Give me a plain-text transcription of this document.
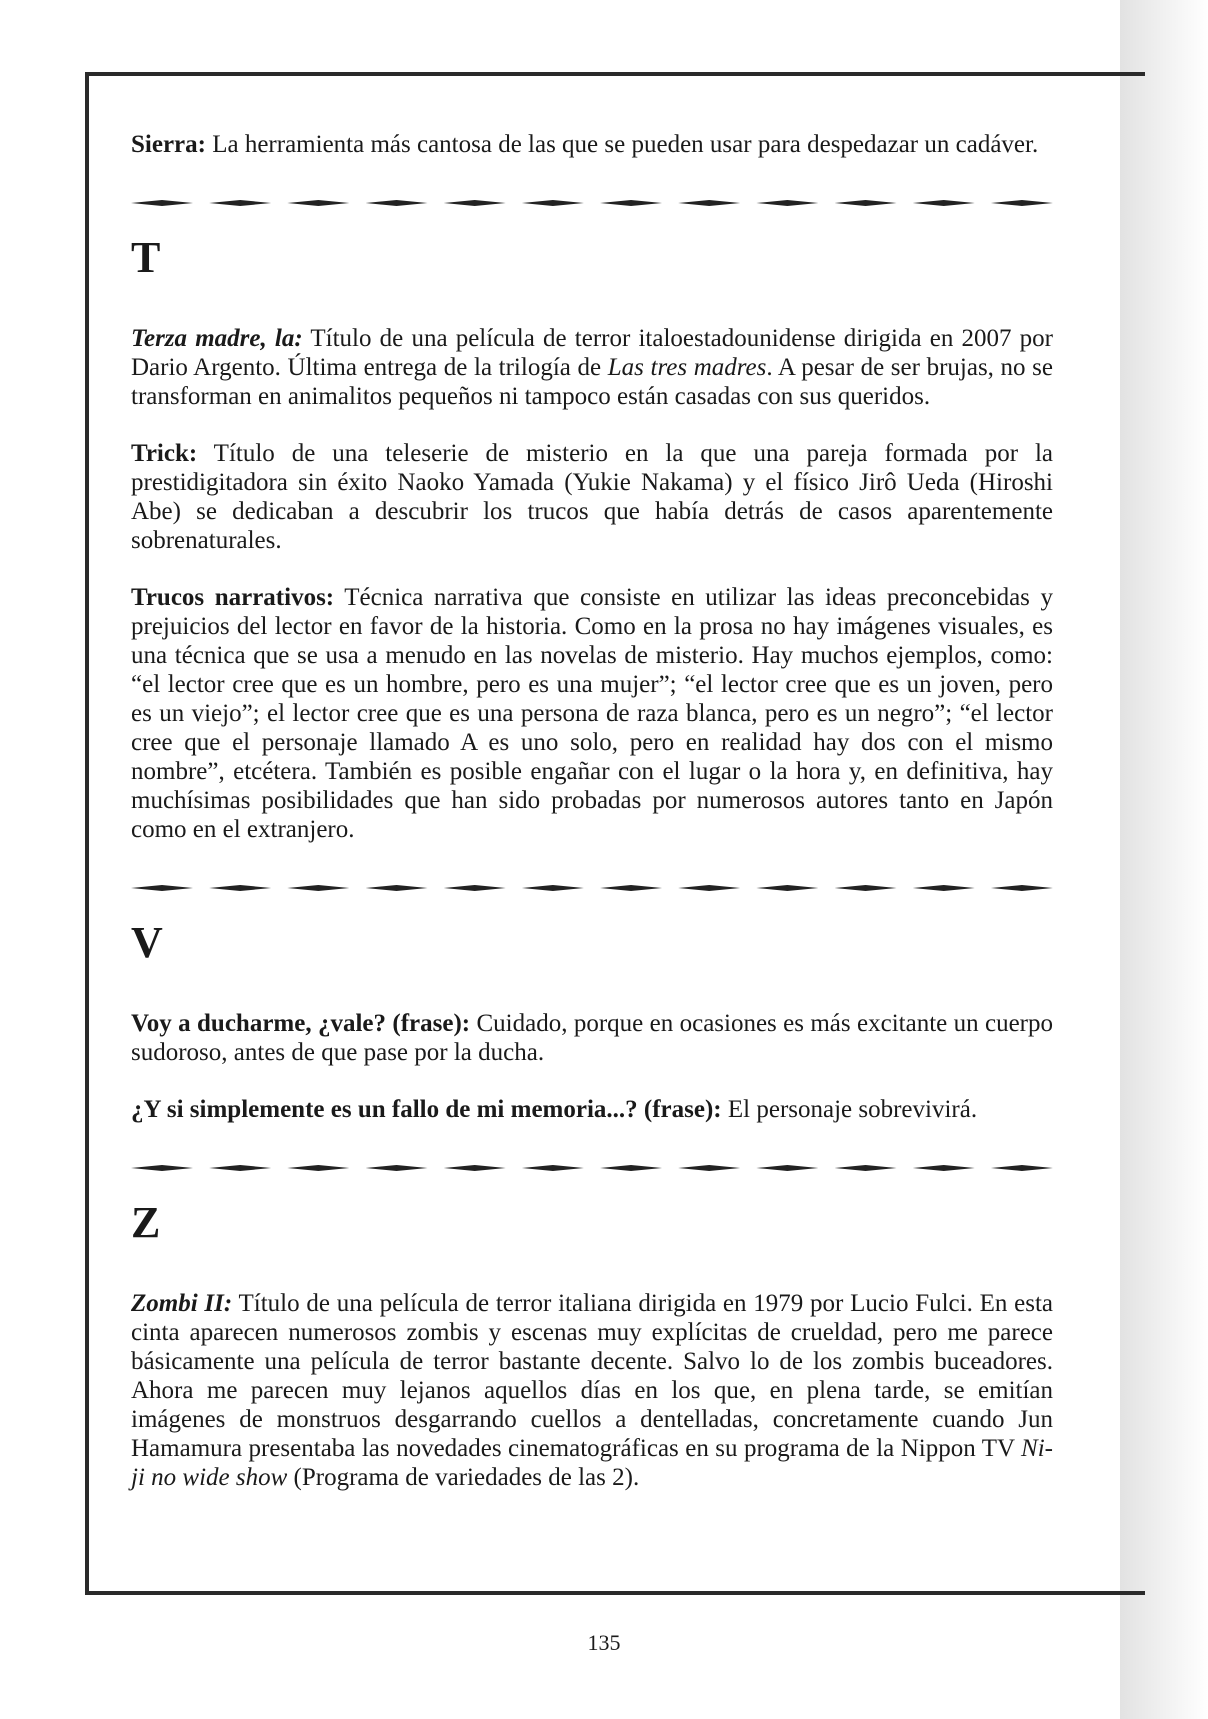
Sierra: La herramienta más cantosa de las que se pueden usar para despedazar un cadáver.

T

Terza madre, la: Título de una película de terror italoestadounidense dirigida en 2007 por Dario Argento. Última entrega de la trilogía de Las tres madres. A pesar de ser brujas, no se transforman en animalitos pequeños ni tampoco están casadas con sus queridos.

Trick: Título de una teleserie de misterio en la que una pareja formada por la prestidigitadora sin éxito Naoko Yamada (Yukie Nakama) y el físico Jirô Ueda (Hiroshi Abe) se dedicaban a descubrir los trucos que había detrás de casos aparentemente sobrenaturales.

Trucos narrativos: Técnica narrativa que consiste en utilizar las ideas preconcebidas y prejuicios del lector en favor de la historia. Como en la prosa no hay imágenes visuales, es una técnica que se usa a menudo en las novelas de misterio. Hay muchos ejemplos, como: “el lector cree que es un hombre, pero es una mujer”; “el lector cree que es un joven, pero es un viejo”; el lector cree que es una persona de raza blanca, pero es un negro”; “el lector cree que el personaje llamado A es uno solo, pero en realidad hay dos con el mismo nombre”, etcétera. También es posible engañar con el lugar o la hora y, en definitiva, hay muchísimas posibilidades que han sido probadas por numerosos autores tanto en Japón como en el extranjero.

V

Voy a ducharme, ¿vale? (frase): Cuidado, porque en ocasiones es más excitante un cuerpo sudoroso, antes de que pase por la ducha.

¿Y si simplemente es un fallo de mi memoria...? (frase): El personaje sobrevivirá.

Z

Zombi II: Título de una película de terror italiana dirigida en 1979 por Lucio Fulci. En esta cinta aparecen numerosos zombis y escenas muy explícitas de crueldad, pero me parece básicamente una película de terror bastante decente. Salvo lo de los zombis buceadores. Ahora me parecen muy lejanos aquellos días en los que, en plena tarde, se emitían imágenes de monstruos desgarrando cuellos a dentelladas, concretamente cuando Jun Hamamura presentaba las novedades cinematográficas en su programa de la Nippon TV Ni-ji no wide show (Programa de variedades de las 2).

135
